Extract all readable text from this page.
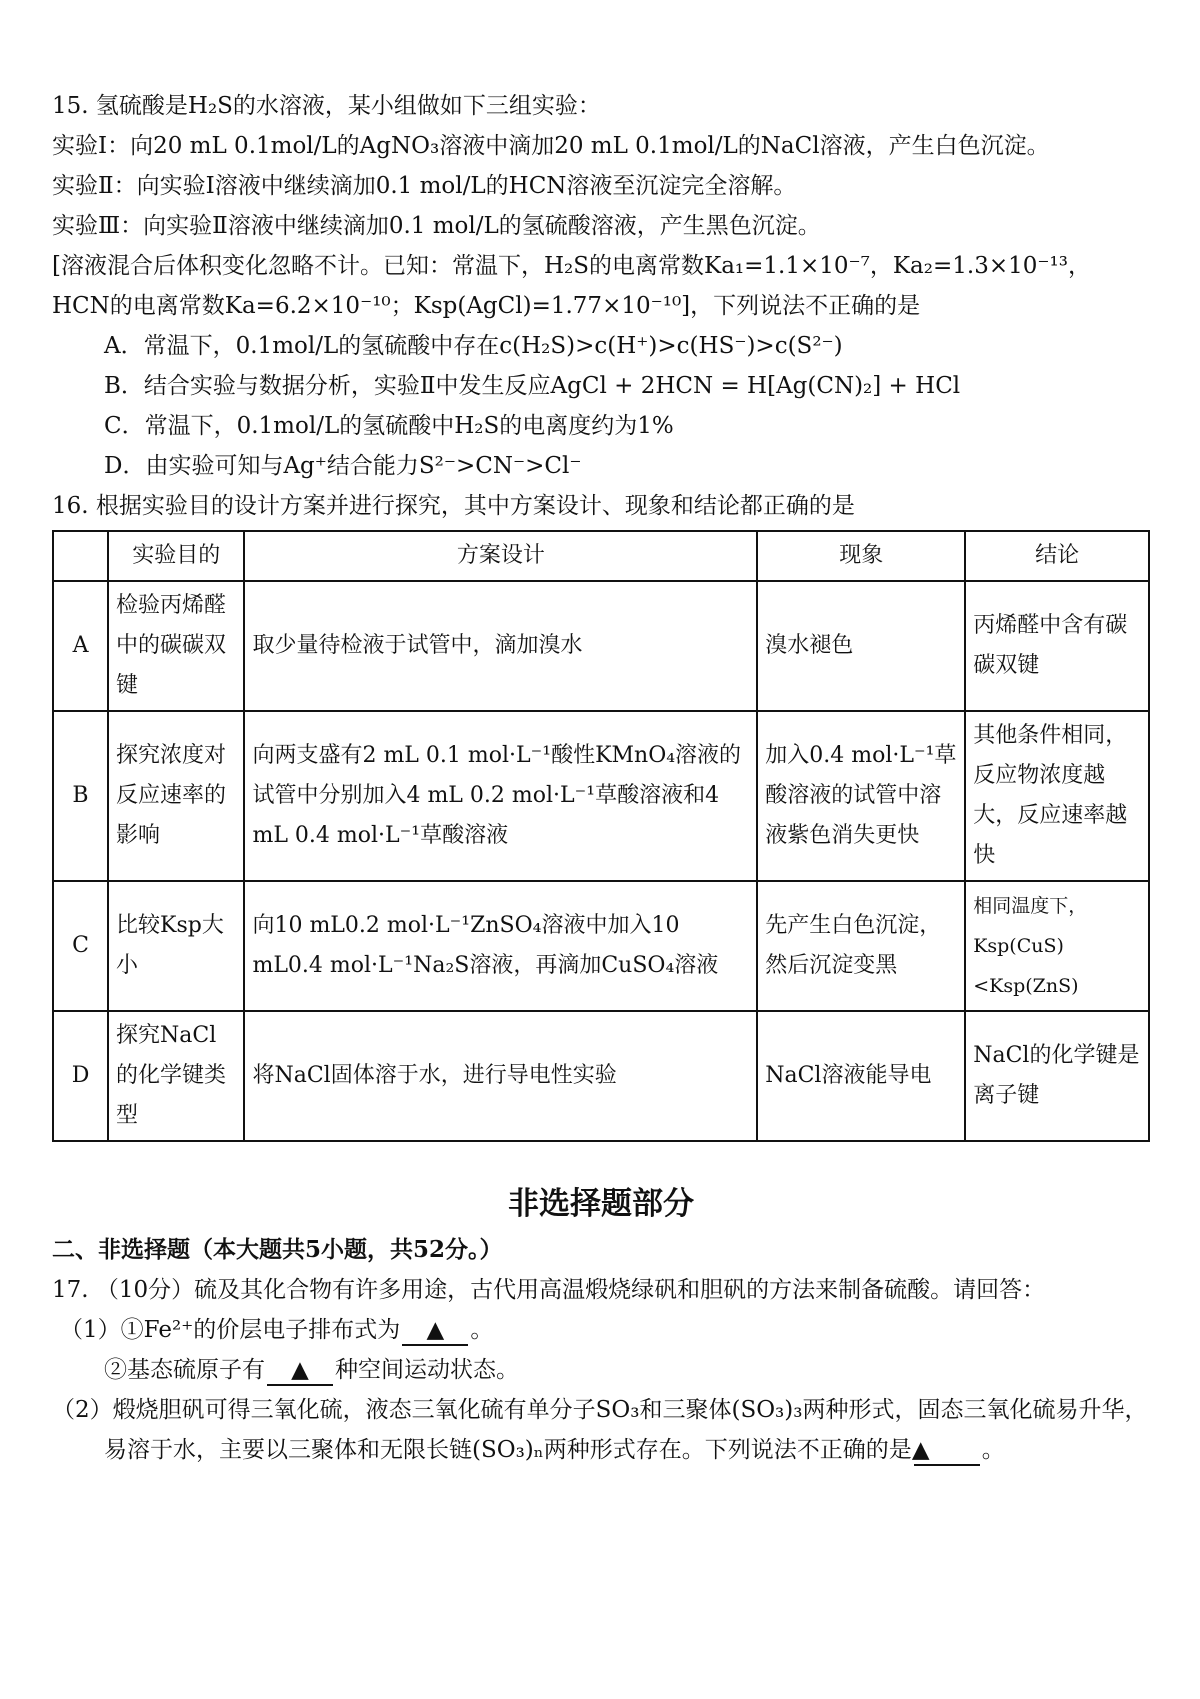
15. 氢硫酸是H₂S的水溶液，某小组做如下三组实验：

实验Ⅰ：向20 mL 0.1mol/L的AgNO₃溶液中滴加20 mL 0.1mol/L的NaCl溶液，产生白色沉淀。

实验Ⅱ：向实验Ⅰ溶液中继续滴加0.1 mol/L的HCN溶液至沉淀完全溶解。

实验Ⅲ：向实验Ⅱ溶液中继续滴加0.1 mol/L的氢硫酸溶液，产生黑色沉淀。

[溶液混合后体积变化忽略不计。已知：常温下，H₂S的电离常数Ka₁=1.1×10⁻⁷，Ka₂=1.3×10⁻¹³，

HCN的电离常数Ka=6.2×10⁻¹⁰；Ksp(AgCl)=1.77×10⁻¹⁰]，下列说法不正确的是

A．常温下，0.1mol/L的氢硫酸中存在c(H₂S)>c(H⁺)>c(HS⁻)>c(S²⁻)

B．结合实验与数据分析，实验Ⅱ中发生反应AgCl + 2HCN = H[Ag(CN)₂] + HCl

C．常温下，0.1mol/L的氢硫酸中H₂S的电离度约为1%

D．由实验可知与Ag⁺结合能力S²⁻>CN⁻>Cl⁻

16. 根据实验目的设计方案并进行探究，其中方案设计、现象和结论都正确的是

	实验目的	方案设计	现象	结论
A	检验丙烯醛中的碳碳双键	取少量待检液于试管中，滴加溴水	溴水褪色	丙烯醛中含有碳碳双键
B	探究浓度对反应速率的影响	向两支盛有2 mL 0.1 mol·L⁻¹酸性KMnO₄溶液的试管中分别加入4 mL 0.2 mol·L⁻¹草酸溶液和4 mL 0.4 mol·L⁻¹草酸溶液	加入0.4 mol·L⁻¹草酸溶液的试管中溶液紫色消失更快	其他条件相同，反应物浓度越大，反应速率越快
C	比较Ksp大小	向10 mL0.2 mol·L⁻¹ZnSO₄溶液中加入10 mL0.4 mol·L⁻¹Na₂S溶液，再滴加CuSO₄溶液	先产生白色沉淀，然后沉淀变黑	相同温度下，Ksp(CuS)<Ksp(ZnS)
D	探究NaCl的化学键类型	将NaCl固体溶于水，进行导电性实验	NaCl溶液能导电	NaCl的化学键是离子键
非选择题部分

二、非选择题（本大题共5小题，共52分。）

17. （10分）硫及其化合物有许多用途，古代用高温煅烧绿矾和胆矾的方法来制备硫酸。请回答：

（1）①Fe²⁺的价层电子排布式为 ▲ 。

②基态硫原子有 ▲ 种空间运动状态。

（2）煅烧胆矾可得三氧化硫，液态三氧化硫有单分子SO₃和三聚体(SO₃)₃两种形式，固态三氧化硫易升华，易溶于水，主要以三聚体和无限长链(SO₃)ₙ两种形式存在。下列说法不正确的是▲ 。
